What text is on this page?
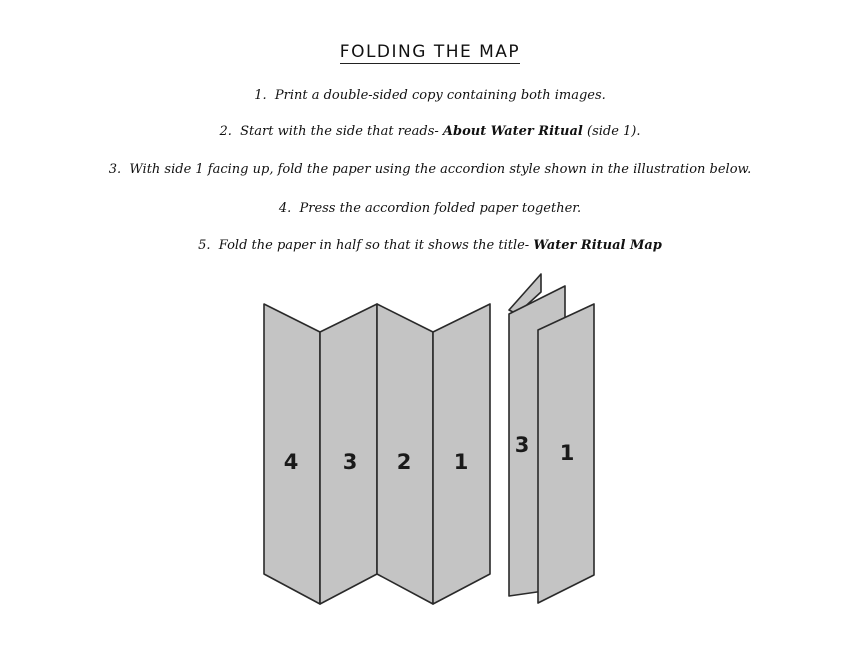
FOLDING THE MAP
1. Print a double-sided copy containing both images.
2. Start with the side that reads- About Water Ritual (side 1).
3. With side 1 facing up, fold the paper using the accordion style shown in the illustration below.
4. Press the accordion folded paper together.
5. Fold the paper in half so that it shows the title- Water Ritual Map
4 3 2 1
3 1
